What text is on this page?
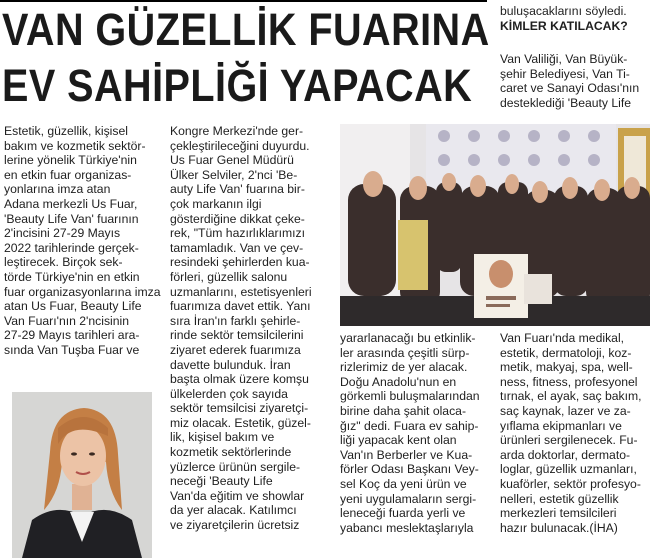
VAN GÜZELLİK FUARINA
EV SAHİPLİĞİ YAPACAK

Estetik, güzellik, kişisel
bakım ve kozmetik sektör-
lerine yönelik Türkiye'nin
en etkin fuar organizas-
yonlarına imza atan
Adana merkezli Us Fuar,
'Beauty Life Van' fuarının
2'incisini 27-29 Mayıs
2022 tarihlerinde gerçek-
leştirecek. Birçok sek-
törde Türkiye'nin en etkin
fuar organizasyonlarına imza
atan Us Fuar, Beauty Life
Van Fuarı'nın 2'ncisinin
27-29 Mayıs tarihleri ara-
sında Van Tuşba Fuar ve

Kongre Merkezi'nde ger-
çekleştirileceğini duyurdu.
Us Fuar Genel Müdürü
Ülker Selviler, 2'nci 'Be-
auty Life Van' fuarına bir-
çok markanın ilgi
gösterdiğine dikkat çeke-
rek, "Tüm hazırlıklarımızı
tamamladık. Van ve çev-
resindeki şehirlerden kua-
förleri, güzellik salonu
uzmanlarını, estetisyenleri
fuarımıza davet ettik. Yanı
sıra İran'ın farklı şehirle-
rinde sektör temsilcilerini
ziyaret ederek fuarımıza
davette bulunduk. İran
başta olmak üzere komşu
ülkelerden çok sayıda
sektör temsilcisi ziyaretçi-
miz olacak. Estetik, güzel-
lik, kişisel bakım ve
kozmetik sektörlerinde
yüzlerce ürünün sergile-
neceği 'Beauty Life
Van'da eğitim ve showlar
da yer alacak. Katılımcı
ve ziyaretçilerin ücretsiz

yararlanacağı bu etkinlik-
ler arasında çeşitli sürp-
rizlerimiz de yer alacak.
Doğu Anadolu'nun en
görkemli buluşmalarından
birine daha şahit olaca-
ğız" dedi. Fuara ev sahip-
liği yapacak kent olan
Van'ın Berberler ve Kua-
förler Odası Başkanı Vey-
sel Koç da yeni ürün ve
yeni uygulamaların sergi-
leneceği fuarda yerli ve
yabancı meslektaşlarıyla

buluşacaklarını söyledi.

KİMLER KATILACAK?

Van Valiliği, Van Büyük-
şehir Belediyesi, Van Ti-
caret ve Sanayi Odası'nın
desteklediği 'Beauty Life

Van Fuarı'nda medikal,
estetik, dermatoloji, koz-
metik, makyaj, spa, well-
ness, fitness, profesyonel
tırnak, el ayak, saç bakım,
saç kaynak, lazer ve za-
yıflama ekipmanları ve
ürünleri sergilenecek. Fu-
arda doktorlar, dermato-
loglar, güzellik uzmanları,
kuaförler, sektör profesyo-
nelleri, estetik güzellik
merkezleri temsilcileri
hazır bulunacak.(İHA)
